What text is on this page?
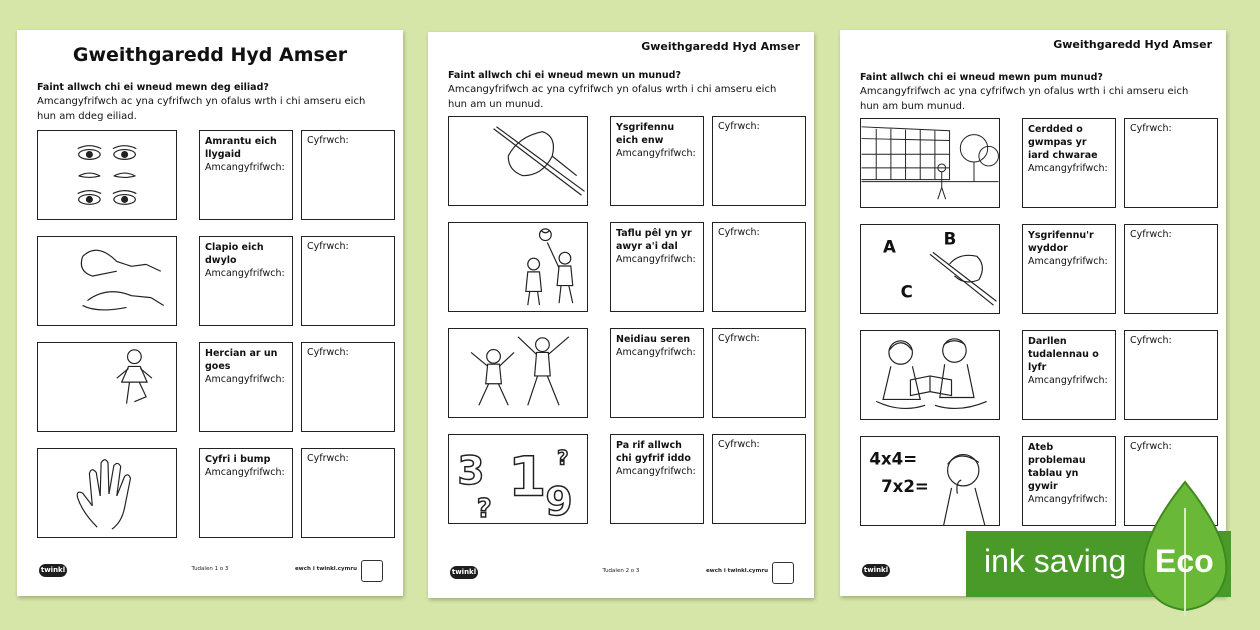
Gweithgaredd Hyd Amser
Faint allwch chi ei wneud mewn deg eiliad?
Amcangyfrifwch ac yna cyfrifwch yn ofalus wrth i chi amseru eich hun am ddeg eiliad.
Amrantu eich llygaid
Amcangyfrifwch:
Cyfrwch:
Clapio eich dwylo
Amcangyfrifwch:
Cyfrwch:
Hercian ar un goes
Amcangyfrifwch:
Cyfrwch:
Cyfri i bump
Amcangyfrifwch:
Cyfrwch:
twinkl	Tudalen 1 o 3	ewch i twinkl.cymru
Gweithgaredd Hyd Amser
Faint allwch chi ei wneud mewn un munud?
Amcangyfrifwch ac yna cyfrifwch yn ofalus wrth i chi amseru eich hun am un munud.
Ysgrifennu eich enw
Amcangyfrifwch:
Cyfrwch:
Taflu pêl yn yr awyr a'i dal
Amcangyfrifwch:
Cyfrwch:
Neidiau seren
Amcangyfrifwch:
Cyfrwch:
3 1 9
?
?
Pa rif allwch chi gyfrif iddo
Amcangyfrifwch:
Cyfrwch:
twinkl	Tudalen 2 o 3	ewch i twinkl.cymru
Gweithgaredd Hyd Amser
Faint allwch chi ei wneud mewn pum munud?
Amcangyfrifwch ac yna cyfrifwch yn ofalus wrth i chi amseru eich hun am bum munud.
Cerdded o gwmpas yr iard chwarae
Amcangyfrifwch:
Cyfrwch:
A	B
C
Ysgrifennu'r wyddor
Amcangyfrifwch:
Cyfrwch:
Darllen tudalennau o lyfr
Amcangyfrifwch:
Cyfrwch:
4x4=
7x2=
Ateb problemau tablau yn gywir
Amcangyfrifwch:
Cyfrwch:
twinkl	ink saving Eco
